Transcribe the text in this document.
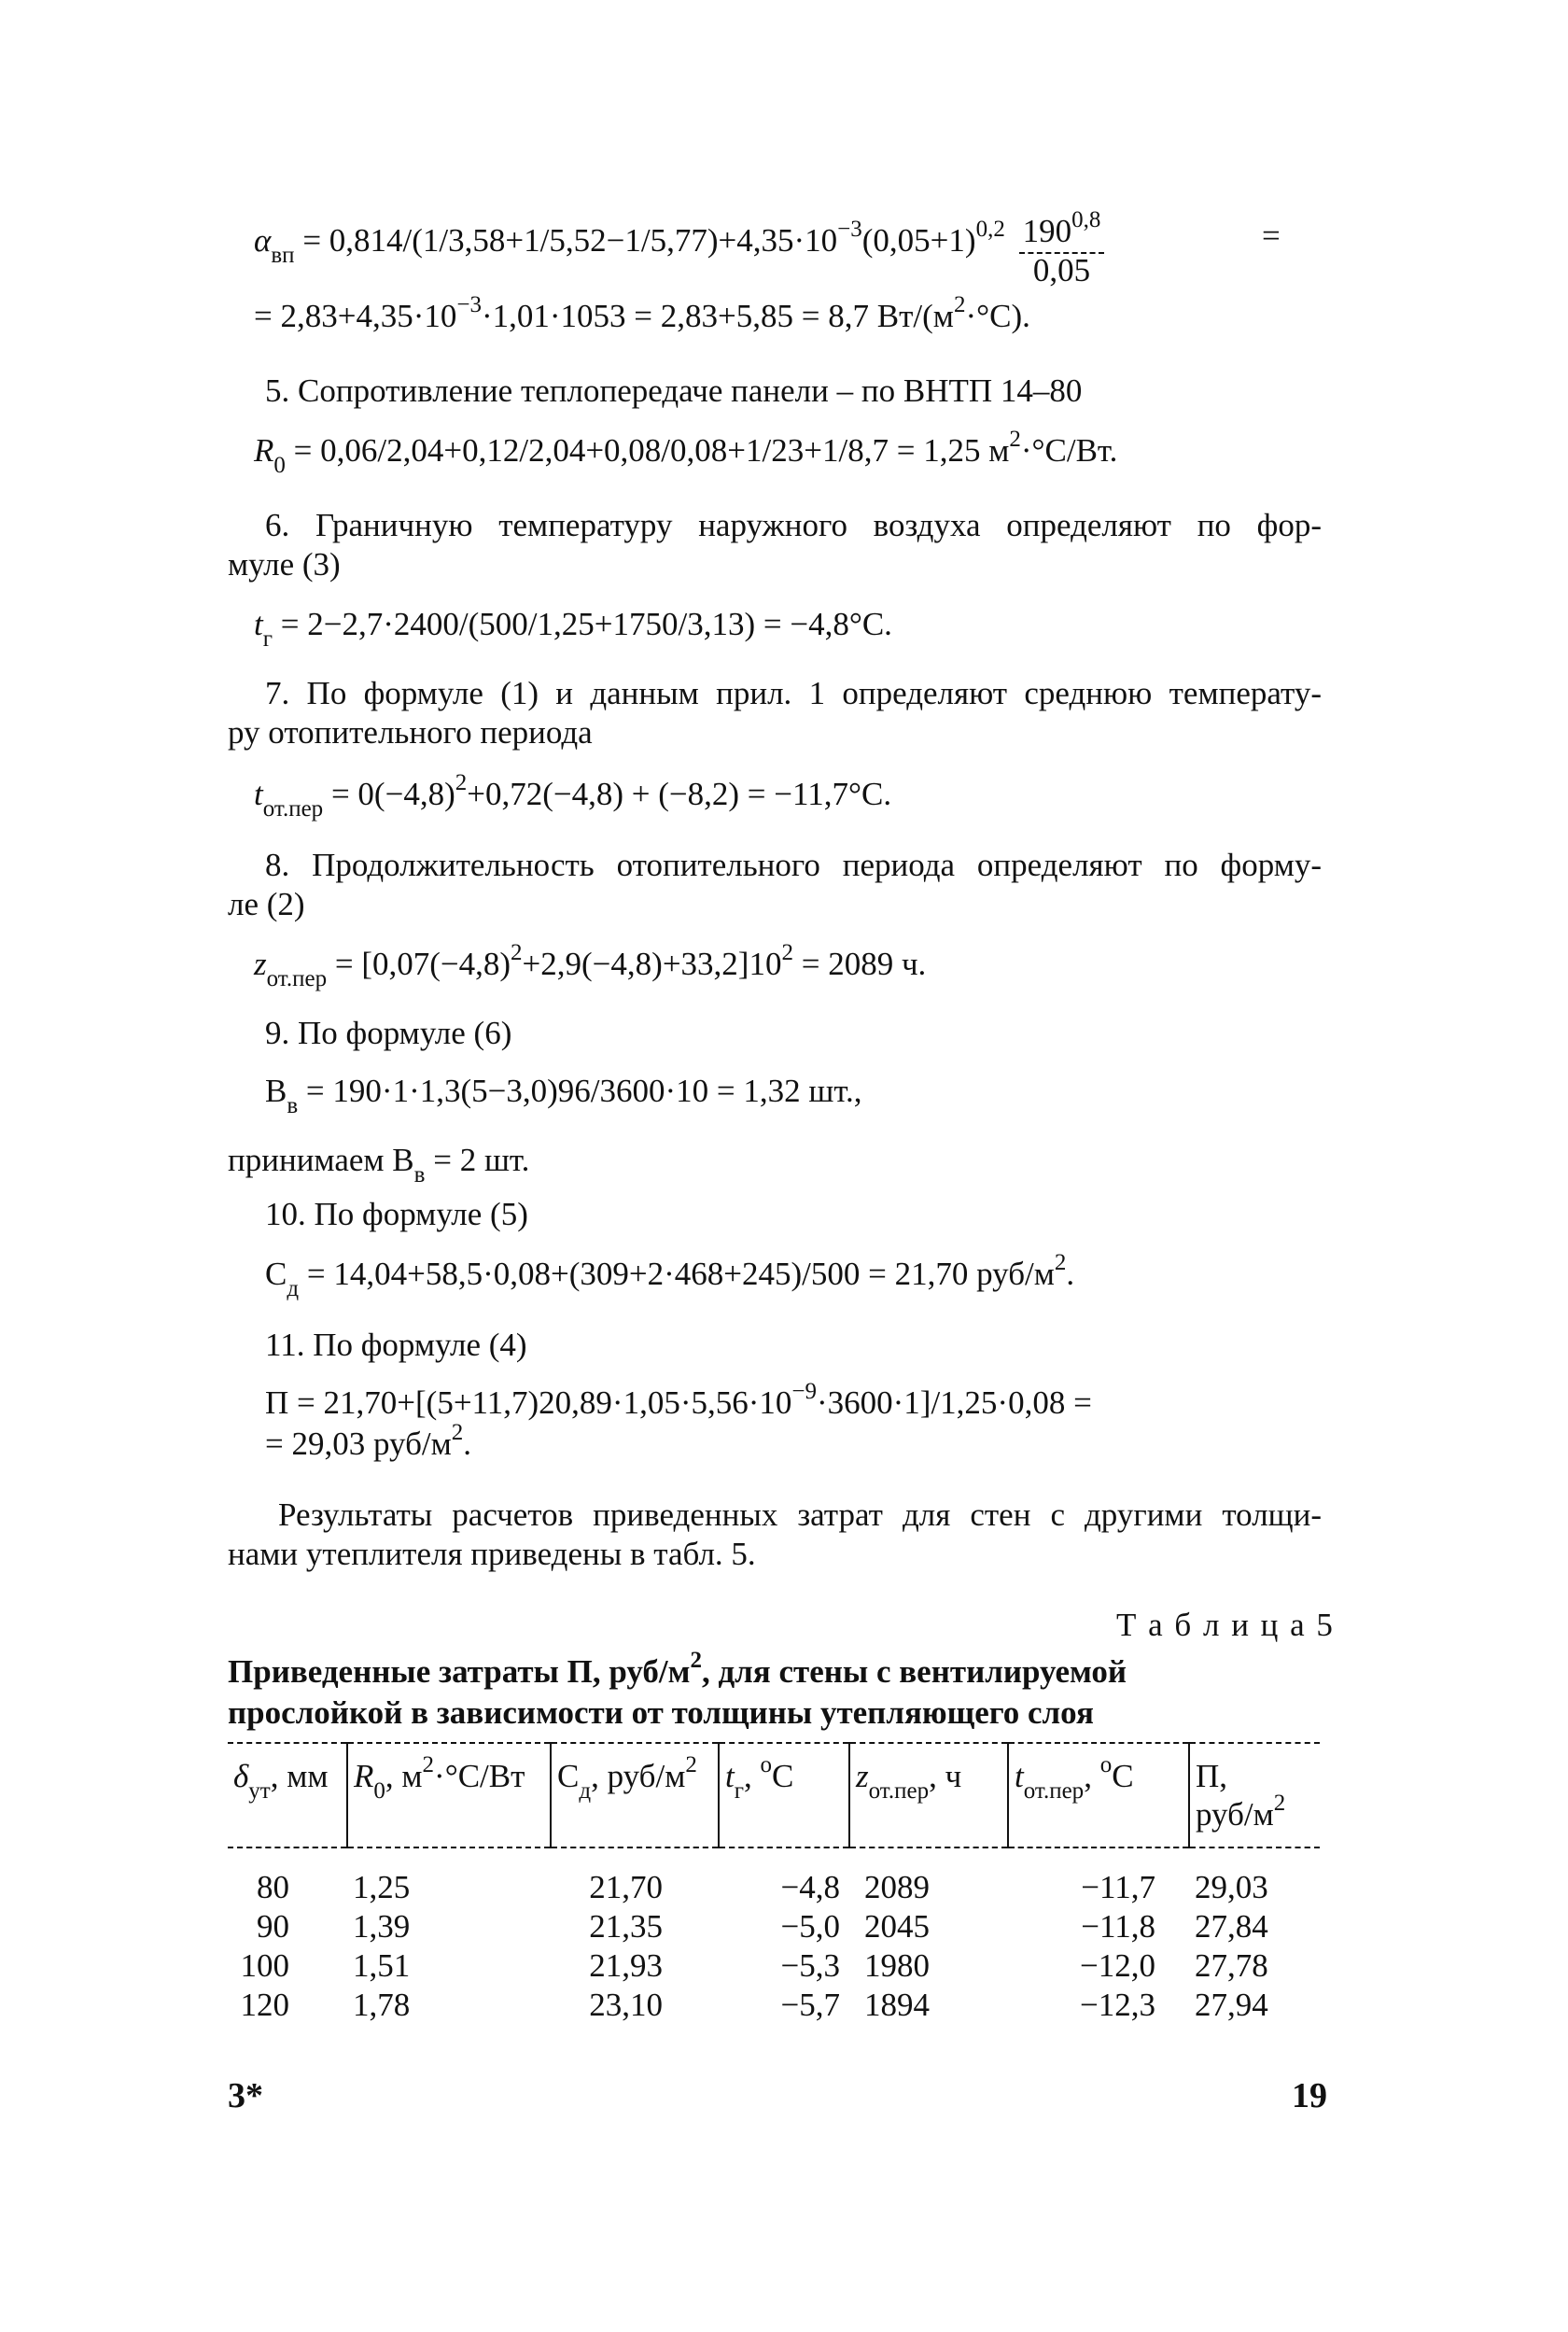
$\alpha_{вп} = 0,814/(1/3,58+1/5,52-1/5,77)+4,35\cdot 10^{-3}(0,05+1)^{0,2} \frac{190^{0,8}}{0,05}$	=
= $2,83+4,35\cdot 10^{-3}\cdot 1,01\cdot 1053 = 2,83+5,85 = 8,7$ $Вт/(м^2\cdot^\circ С)$.
5. Сопротивление теплопередаче панели – по ВНТП 14–80
$R_0 = 0,06/2,04+0,12/2,04+0,08/0,08+1/23+1/8,7 = 1,25$ $м^2\cdot^\circ С/Вт$.
6. Граничную температуру наружного воздуха определяют по фор-
муле (3)
$t_г = 2-2,7\cdot 2400/(500/1,25+1750/3,13) = -4,8^\circ С$.
7. По формуле (1) и данным прил. 1 определяют среднюю температу-
ру отопительного периода
$t_{от.пер} = 0(-4,8)^2+0,72(-4,8) + (-8,2) = -11,7^\circ С$.
8. Продолжительность отопительного периода определяют по форму-
ле (2)
$z_{от.пер} = [0,07(-4,8)^2+2,9(-4,8)+33,2]10^2 = 2089$ ч.
9. По формуле (6)
$В_в = 190\cdot 1\cdot 1,3(5-3,0)96/3600\cdot 10 = 1,32$ шт.,
принимаем $В_в = 2$ шт.
10. По формуле (5)
$С_д = 14,04+58,5\cdot 0,08+(309+2\cdot 468+245)/500 = 21,70$ руб/$м^2$.
11. По формуле (4)
$П = 21,70+[(5+11,7)20,89\cdot 1,05\cdot 5,56\cdot 10^{-9}\cdot 3600\cdot 1]/1,25\cdot 0,08$ =
= 29,03 руб/$м^2$.
Результаты расчетов приведенных затрат для стен с другими толщи-
нами утеплителя приведены в табл. 5.
Т а б л и ц а 5
Приведенные затраты П, руб/$м^2$, для стены с вентилируемой
прослойкой в зависимости от толщины утепляющего слоя
$\delta_{ут}$, мм	$R_0$, $м^2\cdot^\circ С/Вт$	$С_д$, руб/$м^2$	$t_г$, $^о$С	$z_{от.пер}$, ч	$t_{от.пер}$, $^о$С	П,
руб/$м^2$
80	1,25	21,70	−4,8	2089	−11,7	29,03
90	1,39	21,35	−5,0	2045	−11,8	27,84
100	1,51	21,93	−5,3	1980	−12,0	27,78
120	1,78	23,10	−5,7	1894	−12,3	27,94
3*	19
